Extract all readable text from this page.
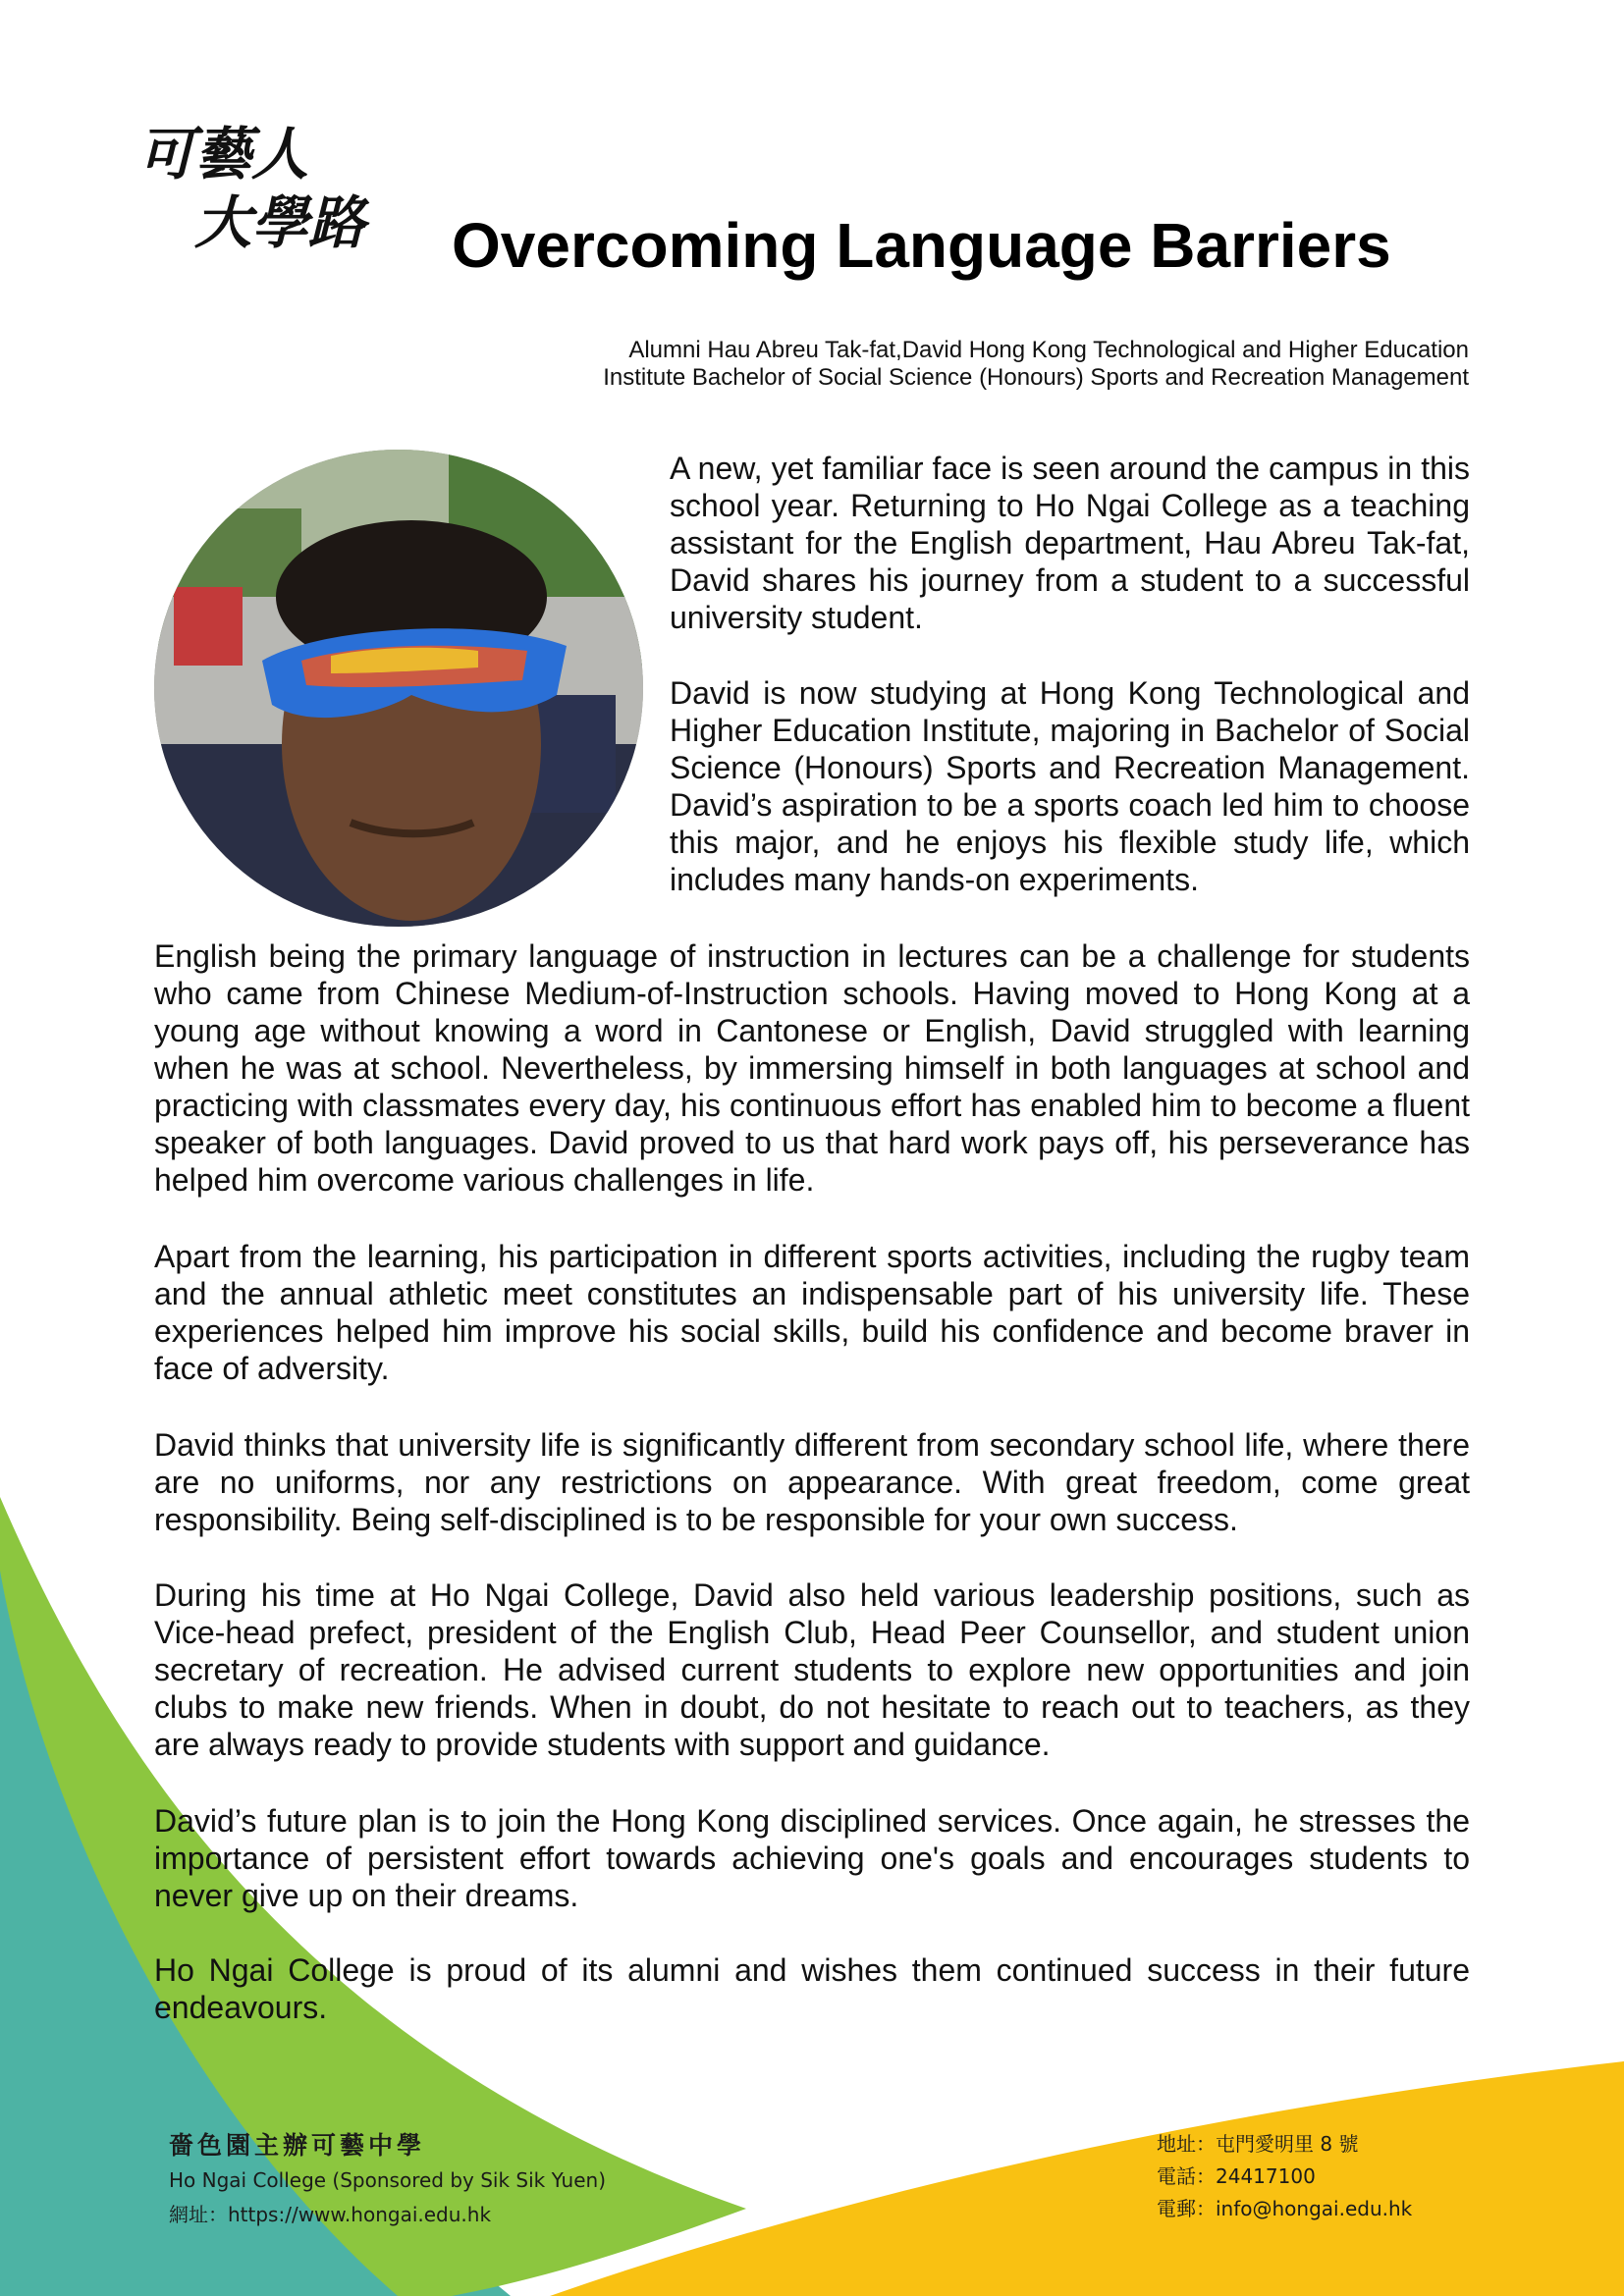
可藝人
大學路 Overcoming Language Barriers
Alumni Hau Abreu Tak-fat,David Hong Kong Technological and Higher Education
Institute Bachelor of Social Science (Honours) Sports and Recreation Management

A new, yet familiar face is seen around the campus in this school year. Returning to Ho Ngai College as a teaching assistant for the English department, Hau Abreu Tak-fat, David shares his journey from a student to a successful university student.

David is now studying at Hong Kong Technological and Higher Education Institute, majoring in Bachelor of Social Science (Honours) Sports and Recreation Management. David’s aspiration to be a sports coach led him to choose this major, and he enjoys his flexible study life, which includes many hands-on experiments.

English being the primary language of instruction in lectures can be a challenge for students who came from Chinese Medium-of-Instruction schools. Having moved to Hong Kong at a young age without knowing a word in Cantonese or English, David struggled with learning when he was at school. Nevertheless, by immersing himself in both languages at school and practicing with classmates every day, his continuous effort has enabled him to become a fluent speaker of both languages. David proved to us that hard work pays off, his perseverance has helped him overcome various challenges in life.

Apart from the learning, his participation in different sports activities, including the rugby team and the annual athletic meet constitutes an indispensable part of his university life. These experiences helped him improve his social skills, build his confidence and become braver in face of adversity.

David thinks that university life is significantly different from secondary school life, where there are no uniforms, nor any restrictions on appearance. With great freedom, come great responsibility. Being self-disciplined is to be responsible for your own success.

During his time at Ho Ngai College, David also held various leadership positions, such as Vice-head prefect, president of the English Club, Head Peer Counsellor, and student union secretary of recreation. He advised current students to explore new opportunities and join clubs to make new friends. When in doubt, do not hesitate to reach out to teachers, as they are always ready to provide students with support and guidance.

David’s future plan is to join the Hong Kong disciplined services. Once again, he stresses the importance of persistent effort towards achieving one's goals and encourages students to never give up on their dreams.

Ho Ngai College is proud of its alumni and wishes them continued success in their future endeavours.

嗇色園主辦可藝中學
Ho Ngai College (Sponsored by Sik Sik Yuen)
網址：https://www.hongai.edu.hk
地址：屯門愛明里 8 號
電話：24417100
電郵：info@hongai.edu.hk
